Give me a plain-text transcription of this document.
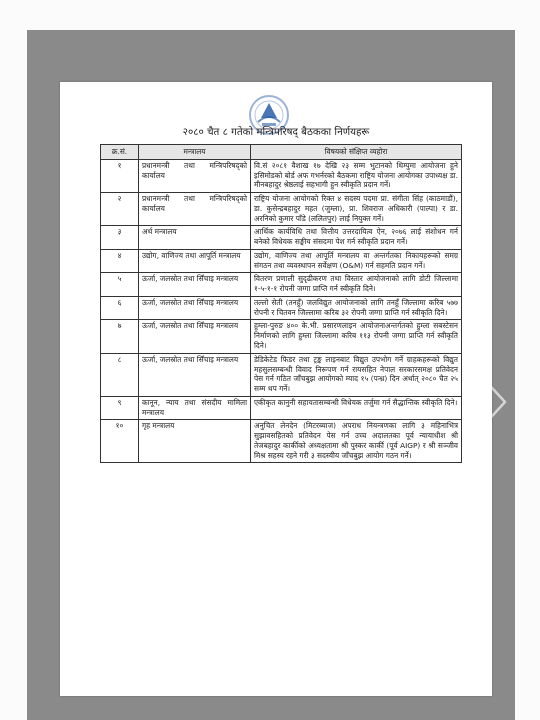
२०८० चैत ८ गतेको मन्त्रिपरिषद् बैठकका निर्णयहरू
क्र.सं.	मन्त्रालय	विषयको संक्षिप्त व्यहोरा
१	प्रधानमन्त्री तथा मन्त्रिपरिषद्को कार्यालय	वि.सं २०८१ वैशाख १७ देखि २३ सम्म भुटानको थिम्पुमा आयोजना हुने इसिमोडको बोर्ड अफ गभर्नरको बैठकमा राष्ट्रिय योजना आयोगका उपाध्यक्ष डा. मीनबहादुर श्रेष्ठलाई सहभागी हुन स्वीकृति प्रदान गर्ने।
२	प्रधानमन्त्री तथा मन्त्रिपरिषद्को कार्यालय	राष्ट्रिय योजना आयोगको रिक्त ४ सदस्य पदमा प्रा. संगीता सिंह (काठमाडौं), डा. कुसेन्द्रबहादुर महत (जुम्ला), प्रा. शिवराज अधिकारी (पाल्पा) र डा. अरनिको कुमार पाँडे (ललितपुर) लाई नियुक्त गर्ने।
३	अर्थ मन्त्रालय	आर्थिक कार्यविधि तथा वित्तीय उत्तरदायित्व ऐन, २०७६ लाई संशोधन गर्न बनेको विधेयक सङ्घीय संसदमा पेश गर्न स्वीकृति प्रदान गर्ने।
४	उद्योग, वाणिज्य तथा आपूर्ति मन्त्रालय	उद्योग, वाणिज्य तथा आपूर्ति मन्त्रालय वा अन्तर्गतका निकायहरूको समग्र संगठन तथा व्यवस्थापन सर्वेक्षण (O&M) गर्न सहमति प्रदान गर्ने।
५	ऊर्जा, जलस्रोत तथा सिँचाइ मन्त्रालय	वितरण प्रणाली सुदृढीकरण तथा विस्तार आयोजनाको लागि डोटी जिल्लामा १-५-१-१ रोपनी जग्गा प्राप्ति गर्न स्वीकृति दिने।
६	ऊर्जा, जलस्रोत तथा सिँचाइ मन्त्रालय	तल्लो सेती (तनहुँ) जलविद्युत आयोजनाको लागि तनहुँ जिल्लामा करिब ५७७ रोपनी र चितवन जिल्लामा करिब ३२ रोपनी जग्गा प्राप्ति गर्न स्वीकृति दिने।
७	ऊर्जा, जलस्रोत तथा सिँचाइ मन्त्रालय	हुम्ला-पुरुङ ४०० के.भी. प्रसारणलाइन आयोजनाअन्तर्गतको हुम्ला सबस्टेसन निर्माणको लागि हुम्ला जिल्लामा करिब ११३ रोपनी जग्गा प्राप्ति गर्न स्वीकृति दिने।
८	ऊर्जा, जलस्रोत तथा सिँचाइ मन्त्रालय	डेडिकेटेड फिडर तथा ट्रङ्क लाइनबाट विद्युत उपभोग गर्ने ग्राहकहरूको विद्युत महसुलसम्बन्धी विवाद निरूपण गर्न रायसहित नेपाल सरकारसमक्ष प्रतिवेदन पेस गर्न गठित जाँचबुझ आयोगको म्याद १५ (पन्ध्र) दिन अर्थात् २०८० चैत २५ सम्म थप गर्ने।
९	कानून, न्याय तथा संसदीय मामिला मन्त्रालय	एकीकृत कानुनी सहायतासम्बन्धी विधेयक तर्जुमा गर्न सैद्धान्तिक स्वीकृति दिने।
१०	गृह मन्त्रालय	अनुचित लेनदेन (मिटरब्याज) अपराध नियन्त्रणका लागि ३ महिनाभित्र सुझावसहितको प्रतिवेदन पेस गर्न उच्च अदालतका पूर्व न्यायाधीश श्री तेजबहादुर कार्कीको अध्यक्षतामा श्री पुस्कर कार्की (पूर्व AIGP) र श्री सञ्जीव मिश्र सहस्य रहने गरी ३ सदस्यीय जाँचबुझ आयोग गठन गर्ने।
